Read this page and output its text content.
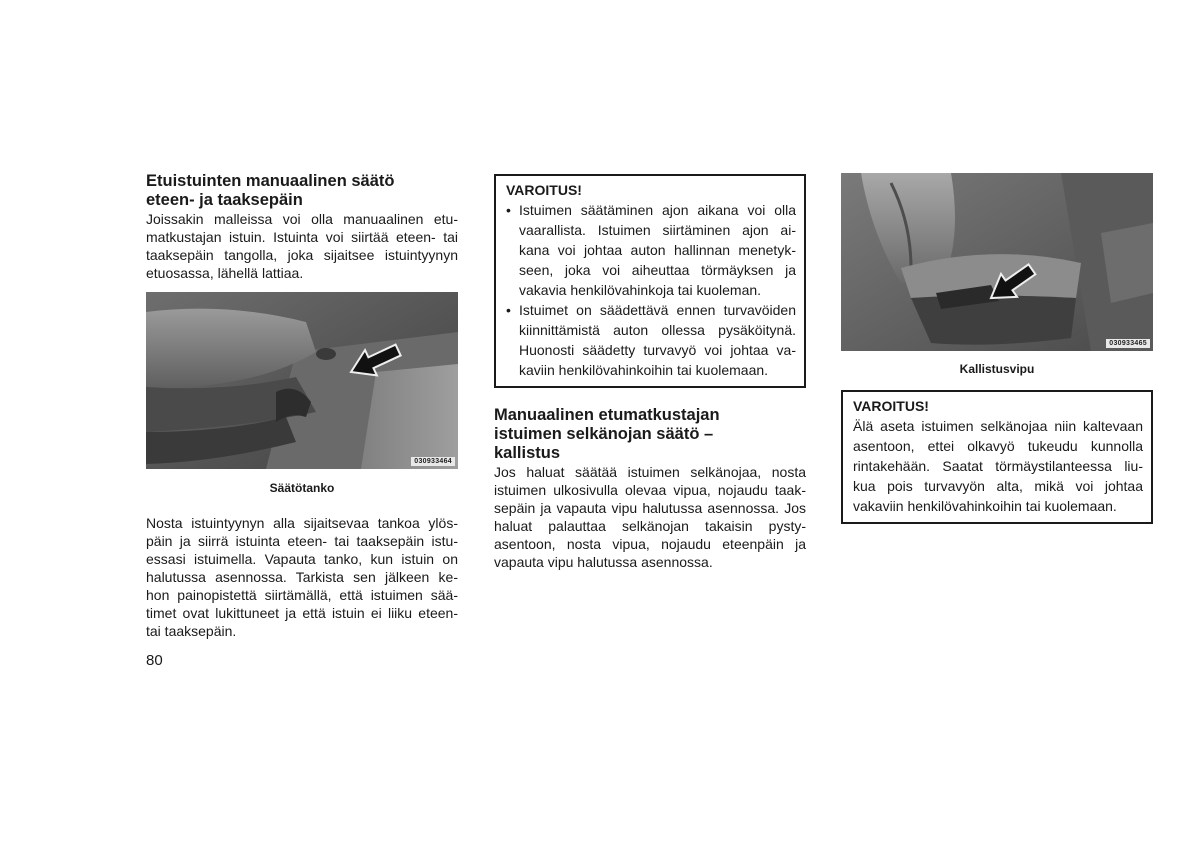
Etuistuinten manuaalinen säätö
eteen- ja taaksepäin

Joissakin malleissa voi olla manuaalinen etu- matkustajan istuin. Istuinta voi siirtää eteen- tai taaksepäin tangolla, joka sijaitsee istuintyynyn etuosassa, lähellä lattiaa.

030933464

Säätötanko

Nosta istuintyynyn alla sijaitsevaa tankoa ylös- päin ja siirrä istuinta eteen- tai taaksepäin istu- essasi istuimella. Vapauta tanko, kun istuin on halutussa asennossa. Tarkista sen jälkeen ke- hon painopistettä siirtämällä, että istuimen sää- timet ovat lukittuneet ja että istuin ei liiku eteen- tai taaksepäin.

VAROITUS!

• Istuimen säätäminen ajon aikana voi olla vaarallista. Istuimen siirtäminen ajon ai- kana voi johtaa auton hallinnan menetyk- seen, joka voi aiheuttaa törmäyksen ja vakavia henkilövahinkoja tai kuoleman.
• Istuimet on säädettävä ennen turvavöiden kiinnittämistä auton ollessa pysäköitynä. Huonosti säädetty turvavyö voi johtaa va- kaviin henkilövahinkoihin tai kuolemaan.
Manuaalinen etumatkustajan
istuimen selkänojan säätö –
kallistus

Jos haluat säätää istuimen selkänojaa, nosta istuimen ulkosivulla olevaa vipua, nojaudu taak- sepäin ja vapauta vipu halutussa asennossa. Jos haluat palauttaa selkänojan takaisin pysty- asentoon, nosta vipua, nojaudu eteenpäin ja vapauta vipu halutussa asennossa.

030933465

Kallistusvipu

VAROITUS!

Älä aseta istuimen selkänojaa niin kaltevaan asentoon, ettei olkavyö tukeudu kunnolla rintakehään. Saatat törmäystilanteessa liu- kua pois turvavyön alta, mikä voi johtaa vakaviin henkilövahinkoihin tai kuolemaan.

80
